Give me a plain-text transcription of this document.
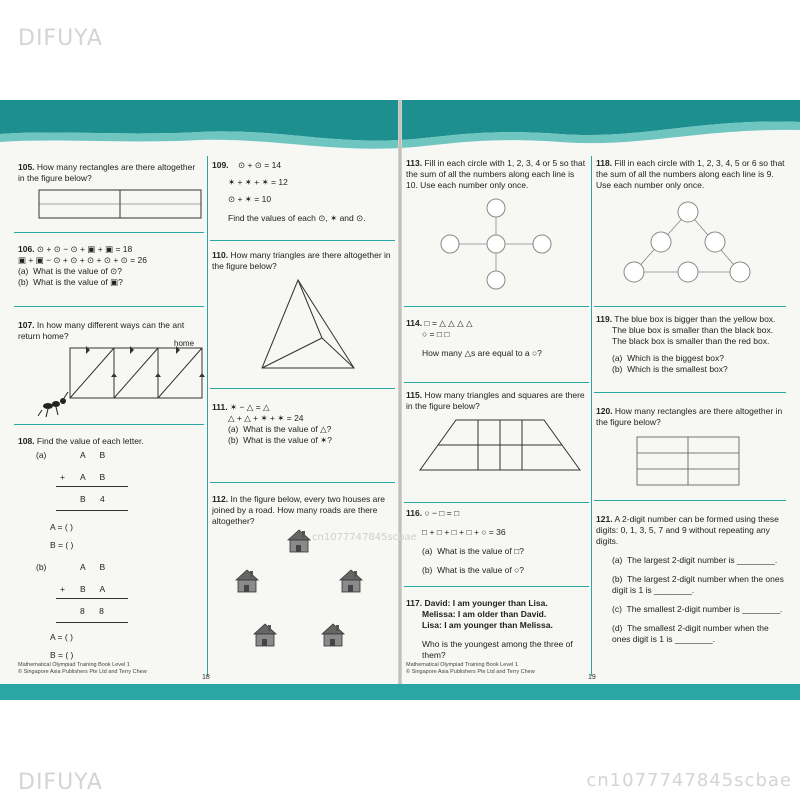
DIFUYA
DIFUYA	cn1077747845scbae

105. How many rectangles are there altogether in the figure below?

106. ⊙ + ⊙ − ⊙ + ▣ + ▣ = 18

▣ + ▣ − ⊙ + ⊙ + ⊙ + ⊙ + ⊙ = 26

(a) What is the value of ⊙?

(b) What is the value of ▣?

107. In how many different ways can the ant return home?

home

108. Find the value of each letter.

(a)	A B
+ A B
B 4
A = ( )
B = ( )
(b)	A B
+ B A
8 8
A = ( )
B = ( )
Mathematical Olympiad Training Book Level 1
© Singapore Asia Publishers Pte Ltd and Terry Chew
18

109. ⊙ + ⊙ = 14

✶ + ✶ + ✶ = 12

⊙ + ✶ = 10

Find the values of each ⊙, ✶ and ⊙.

110. How many triangles are there altogether in the figure below?

111. ✶ − △ = △

△ + △ + ✶ + ✶ = 24

(a) What is the value of △?

(b) What is the value of ✶?

cn1077747845scbae

112. In the figure below, every two houses are joined by a road. How many roads are there altogether?

113. Fill in each circle with 1, 2, 3, 4 or 5 so that the sum of all the numbers along each line is 10. Use each number only once.

114. □ = △ △ △ △

○ = □ □

How many △s are equal to a ○?

115. How many triangles and squares are there in the figure below?

116. ○ − □ = □

□ + □ + □ + □ + ○ = 36

(a) What is the value of □?

(b) What is the value of ○?

117. David: I am younger than Lisa.

Melissa: I am older than David.

Lisa: I am younger than Melissa.

Who is the youngest among the three of them?

Mathematical Olympiad Training Book Level 1
© Singapore Asia Publishers Pte Ltd and Terry Chew
19

118. Fill in each circle with 1, 2, 3, 4, 5 or 6 so that the sum of all the numbers along each line is 9. Use each number only once.

119. The blue box is bigger than the yellow box.

The blue box is smaller than the black box.

The black box is smaller than the red box.

(a) Which is the biggest box?

(b) Which is the smallest box?

120. How many rectangles are there altogether in the figure below?

121. A 2-digit number can be formed using these digits: 0, 1, 3, 5, 7 and 9 without repeating any digits.

(a) The largest 2-digit number is ________.

(b) The largest 2-digit number when the ones digit is 1 is ________.

(c) The smallest 2-digit number is ________.

(d) The smallest 2-digit number when the ones digit is 1 is ________.
